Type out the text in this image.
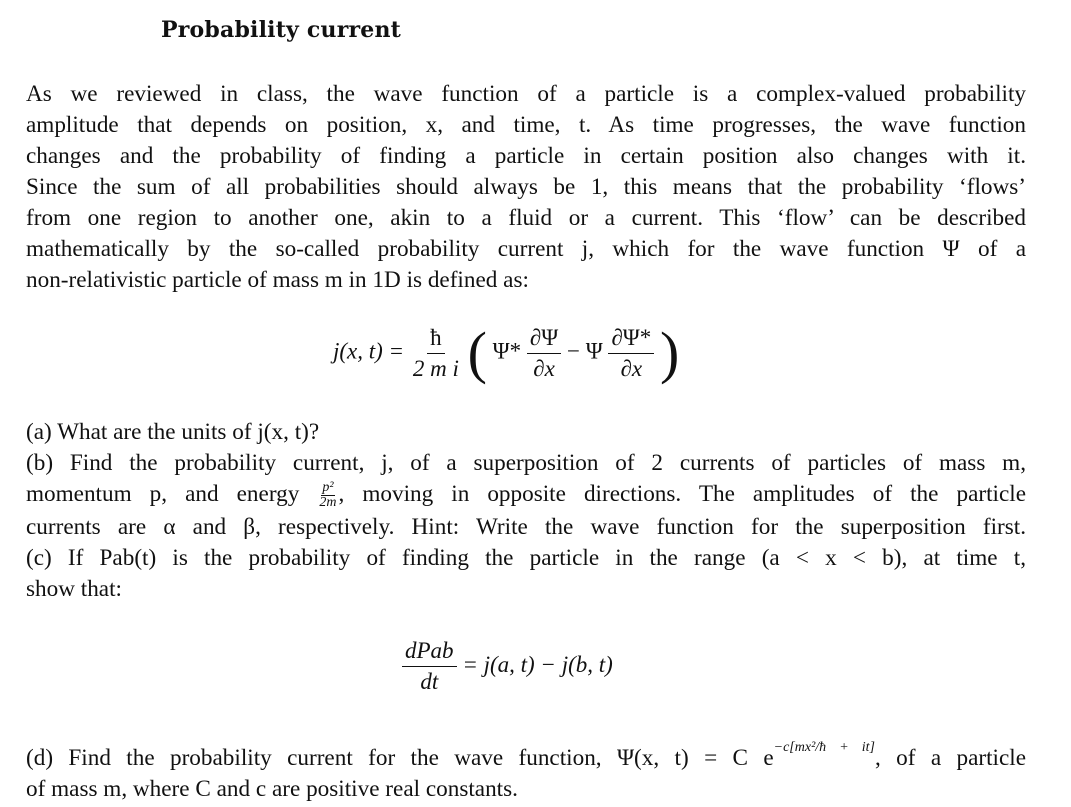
Probability current

As we reviewed in class, the wave function of a particle is a complex-valued probability
amplitude that depends on position, x, and time, t. As time progresses, the wave function
changes and the probability of finding a particle in certain position also changes with it.
Since the sum of all probabilities should always be 1, this means that the probability ‘flows’
from one region to another one, akin to a fluid or a current. This ‘flow’ can be described
mathematically by the so-called probability current j, which for the wave function Ψ of a
non-relativistic particle of mass m in 1D is defined as:

j(x, $t) = \frac{ħ}{\text{2 m i}}$ ( $\Psi* \frac{\partial\Psi}{\partial x} - \Psi \frac{\partial\Psi*}{\partial x}$ )
(a) What are the units of j(x, t)?
(b) Find the probability current, j, of a superposition of 2 currents of particles of mass m,
momentum p, and energy $\frac{\text{p²}}{2m}$ , moving in opposite directions. The amplitudes of the particle
currents are α and β, respectively. Hint: Write the wave function for the superposition first.
(c) If Pab(t) is the probability of finding the particle in the range (a < x < b), at time t,
show that:
$\frac{\text{dPab}}{dt} = j(a$, t) − j(b, t)
(d) Find the probability current for the wave function, Ψ(x, t) = C $e^{-c[mx^2/ħ + it]}$, of a particle
of mass m, where C and c are positive real constants.
